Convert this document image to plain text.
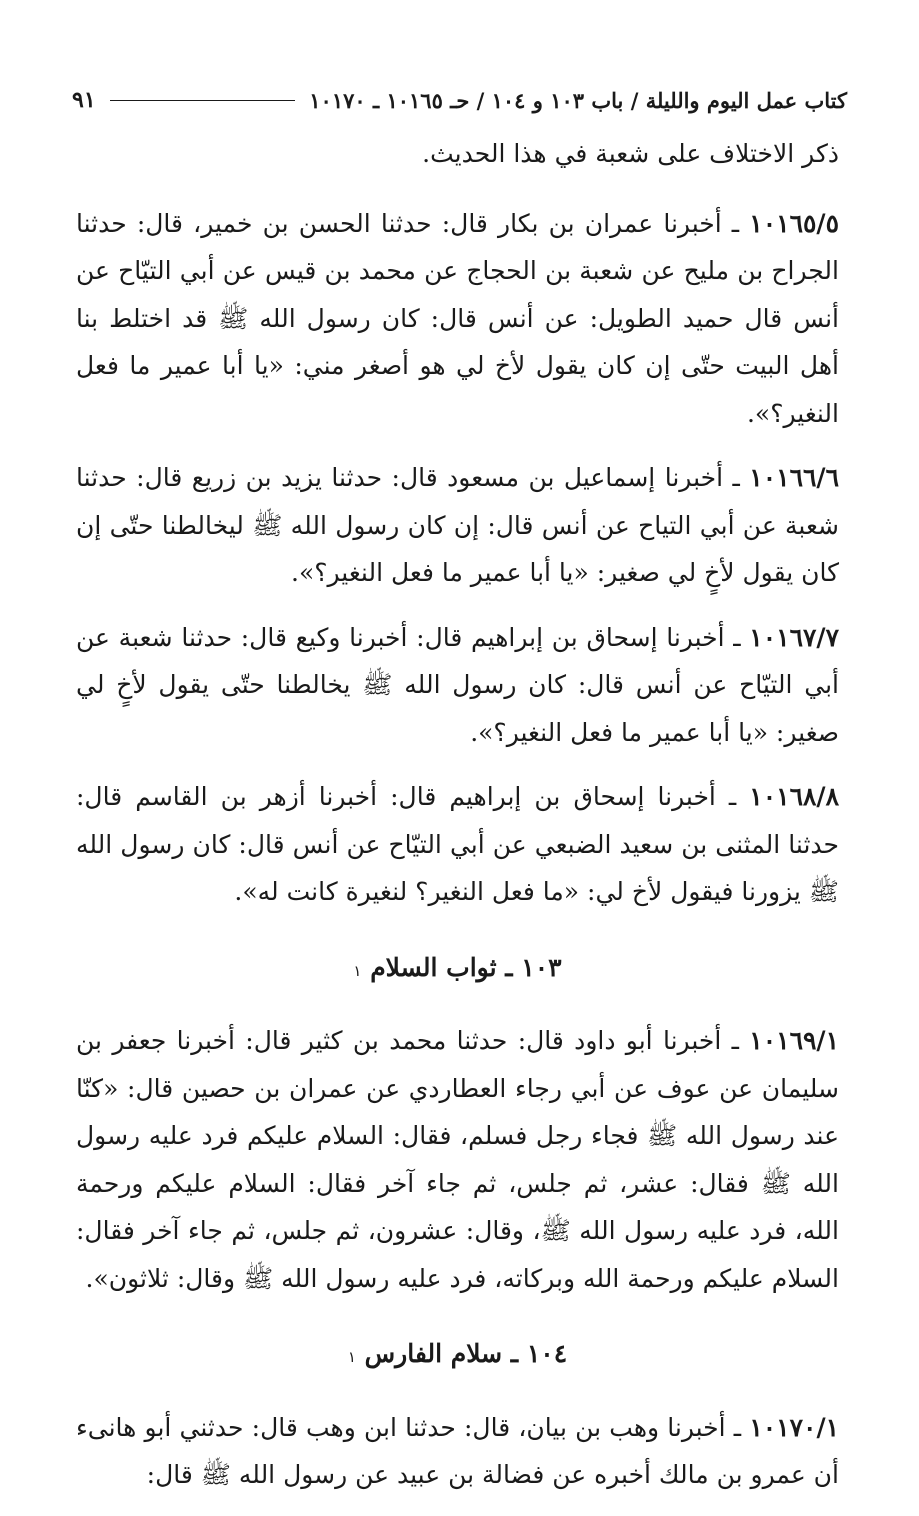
كتاب عمل اليوم والليلة / باب ١٠٣ و ١٠٤ / حـ ١٠١٦٥ ـ ١٠١٧٠
٩١

ذكر الاختلاف على شعبة في هذا الحديث.

١٠١٦٥/٥ ـ أخبرنا عمران بن بكار قال: حدثنا الحسن بن خمير، قال: حدثنا الجراح بن مليح عن شعبة بن الحجاج عن محمد بن قيس عن أبي التيّاح عن أنس قال حميد الطويل: عن أنس قال: كان رسول الله ﷺ قد اختلط بنا أهل البيت حتّى إن كان يقول لأخ لي هو أصغر مني: «يا أبا عمير ما فعل النغير؟».

١٠١٦٦/٦ ـ أخبرنا إسماعيل بن مسعود قال: حدثنا يزيد بن زريع قال: حدثنا شعبة عن أبي التياح عن أنس قال: إن كان رسول الله ﷺ ليخالطنا حتّى إن كان يقول لأخٍ لي صغير: «يا أبا عمير ما فعل النغير؟».

١٠١٦٧/٧ ـ أخبرنا إسحاق بن إبراهيم قال: أخبرنا وكيع قال: حدثنا شعبة عن أبي التيّاح عن أنس قال: كان رسول الله ﷺ يخالطنا حتّى يقول لأخٍ لي صغير: «يا أبا عمير ما فعل النغير؟».

١٠١٦٨/٨ ـ أخبرنا إسحاق بن إبراهيم قال: أخبرنا أزهر بن القاسم قال: حدثنا المثنى بن سعيد الضبعي عن أبي التيّاح عن أنس قال: كان رسول الله ﷺ يزورنا فيقول لأخ لي: «ما فعل النغير؟ لنغيرة كانت له».

١٠٣ ـ ثواب السلام ١

١٠١٦٩/١ ـ أخبرنا أبو داود قال: حدثنا محمد بن كثير قال: أخبرنا جعفر بن سليمان عن عوف عن أبي رجاء العطاردي عن عمران بن حصين قال: «كنّا عند رسول الله ﷺ فجاء رجل فسلم، فقال: السلام عليكم فرد عليه رسول الله ﷺ فقال: عشر، ثم جلس، ثم جاء آخر فقال: السلام عليكم ورحمة الله، فرد عليه رسول الله ﷺ، وقال: عشرون، ثم جلس، ثم جاء آخر فقال: السلام عليكم ورحمة الله وبركاته، فرد عليه رسول الله ﷺ وقال: ثلاثون».

١٠٤ ـ سلام الفارس ١

١٠١٧٠/١ ـ أخبرنا وهب بن بيان، قال: حدثنا ابن وهب قال: حدثني أبو هانىء أن عمرو بن مالك أخبره عن فضالة بن عبيد عن رسول الله ﷺ قال:
